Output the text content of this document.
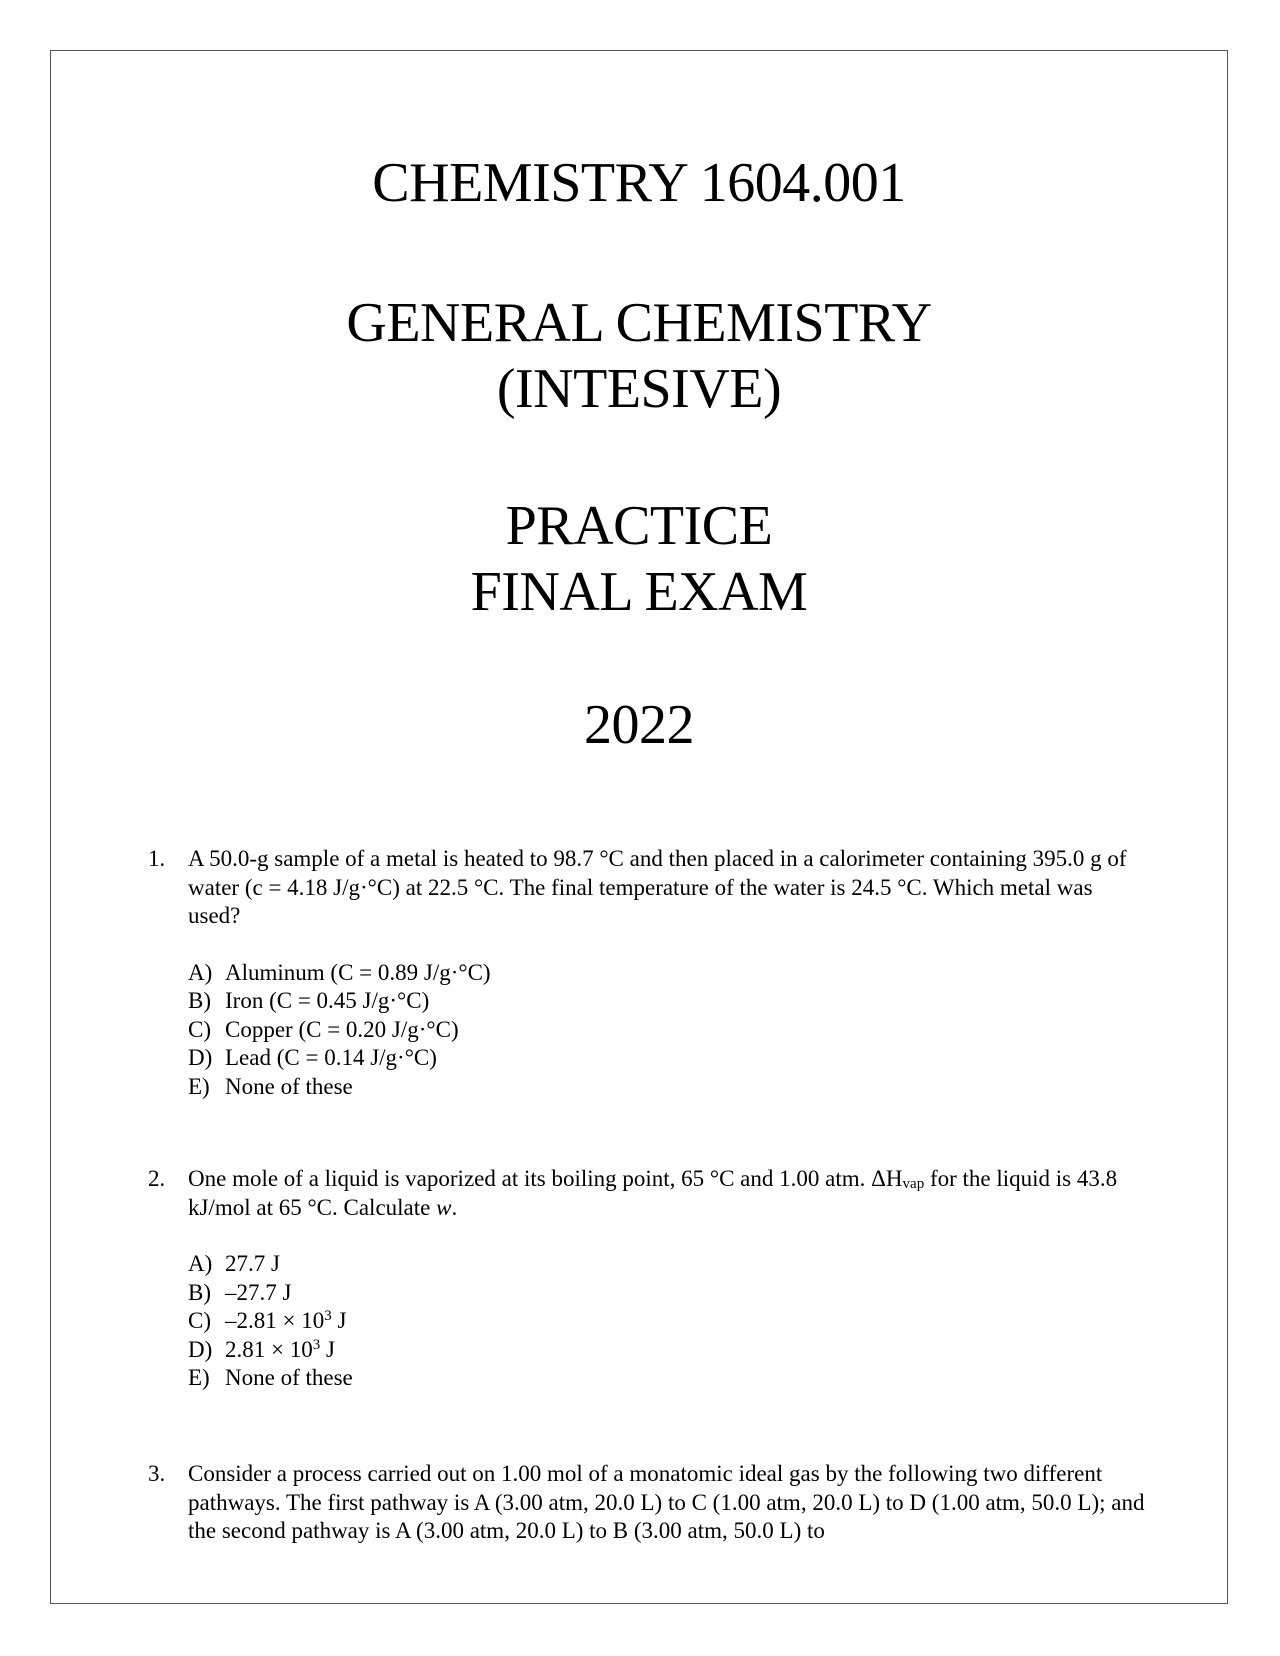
CHEMISTRY 1604.001
GENERAL CHEMISTRY
(INTESIVE)
PRACTICE
FINAL EXAM
2022
1. A 50.0-g sample of a metal is heated to 98.7 °C and then placed in a calorimeter containing 395.0 g of water (c = 4.18 J/g·°C) at 22.5 °C. The final temperature of the water is 24.5 °C. Which metal was used?
A) Aluminum (C = 0.89 J/g·°C)
B) Iron (C = 0.45 J/g·°C)
C) Copper (C = 0.20 J/g·°C)
D) Lead (C = 0.14 J/g·°C)
E) None of these
2. One mole of a liquid is vaporized at its boiling point, 65 °C and 1.00 atm. $\Delta H_{vap}$ for the liquid is 43.8 kJ/mol at 65 °C. Calculate w.
A) 27.7 J
B) –27.7 J
C) $-2.81 \times 10^3$ J
D) $2.81 \times 10^3$ J
E) None of these
3. Consider a process carried out on 1.00 mol of a monatomic ideal gas by the following two different pathways. The first pathway is A (3.00 atm, 20.0 L) to C (1.00 atm, 20.0 L) to D (1.00 atm, 50.0 L); and the second pathway is A (3.00 atm, 20.0 L) to B (3.00 atm, 50.0 L) to
